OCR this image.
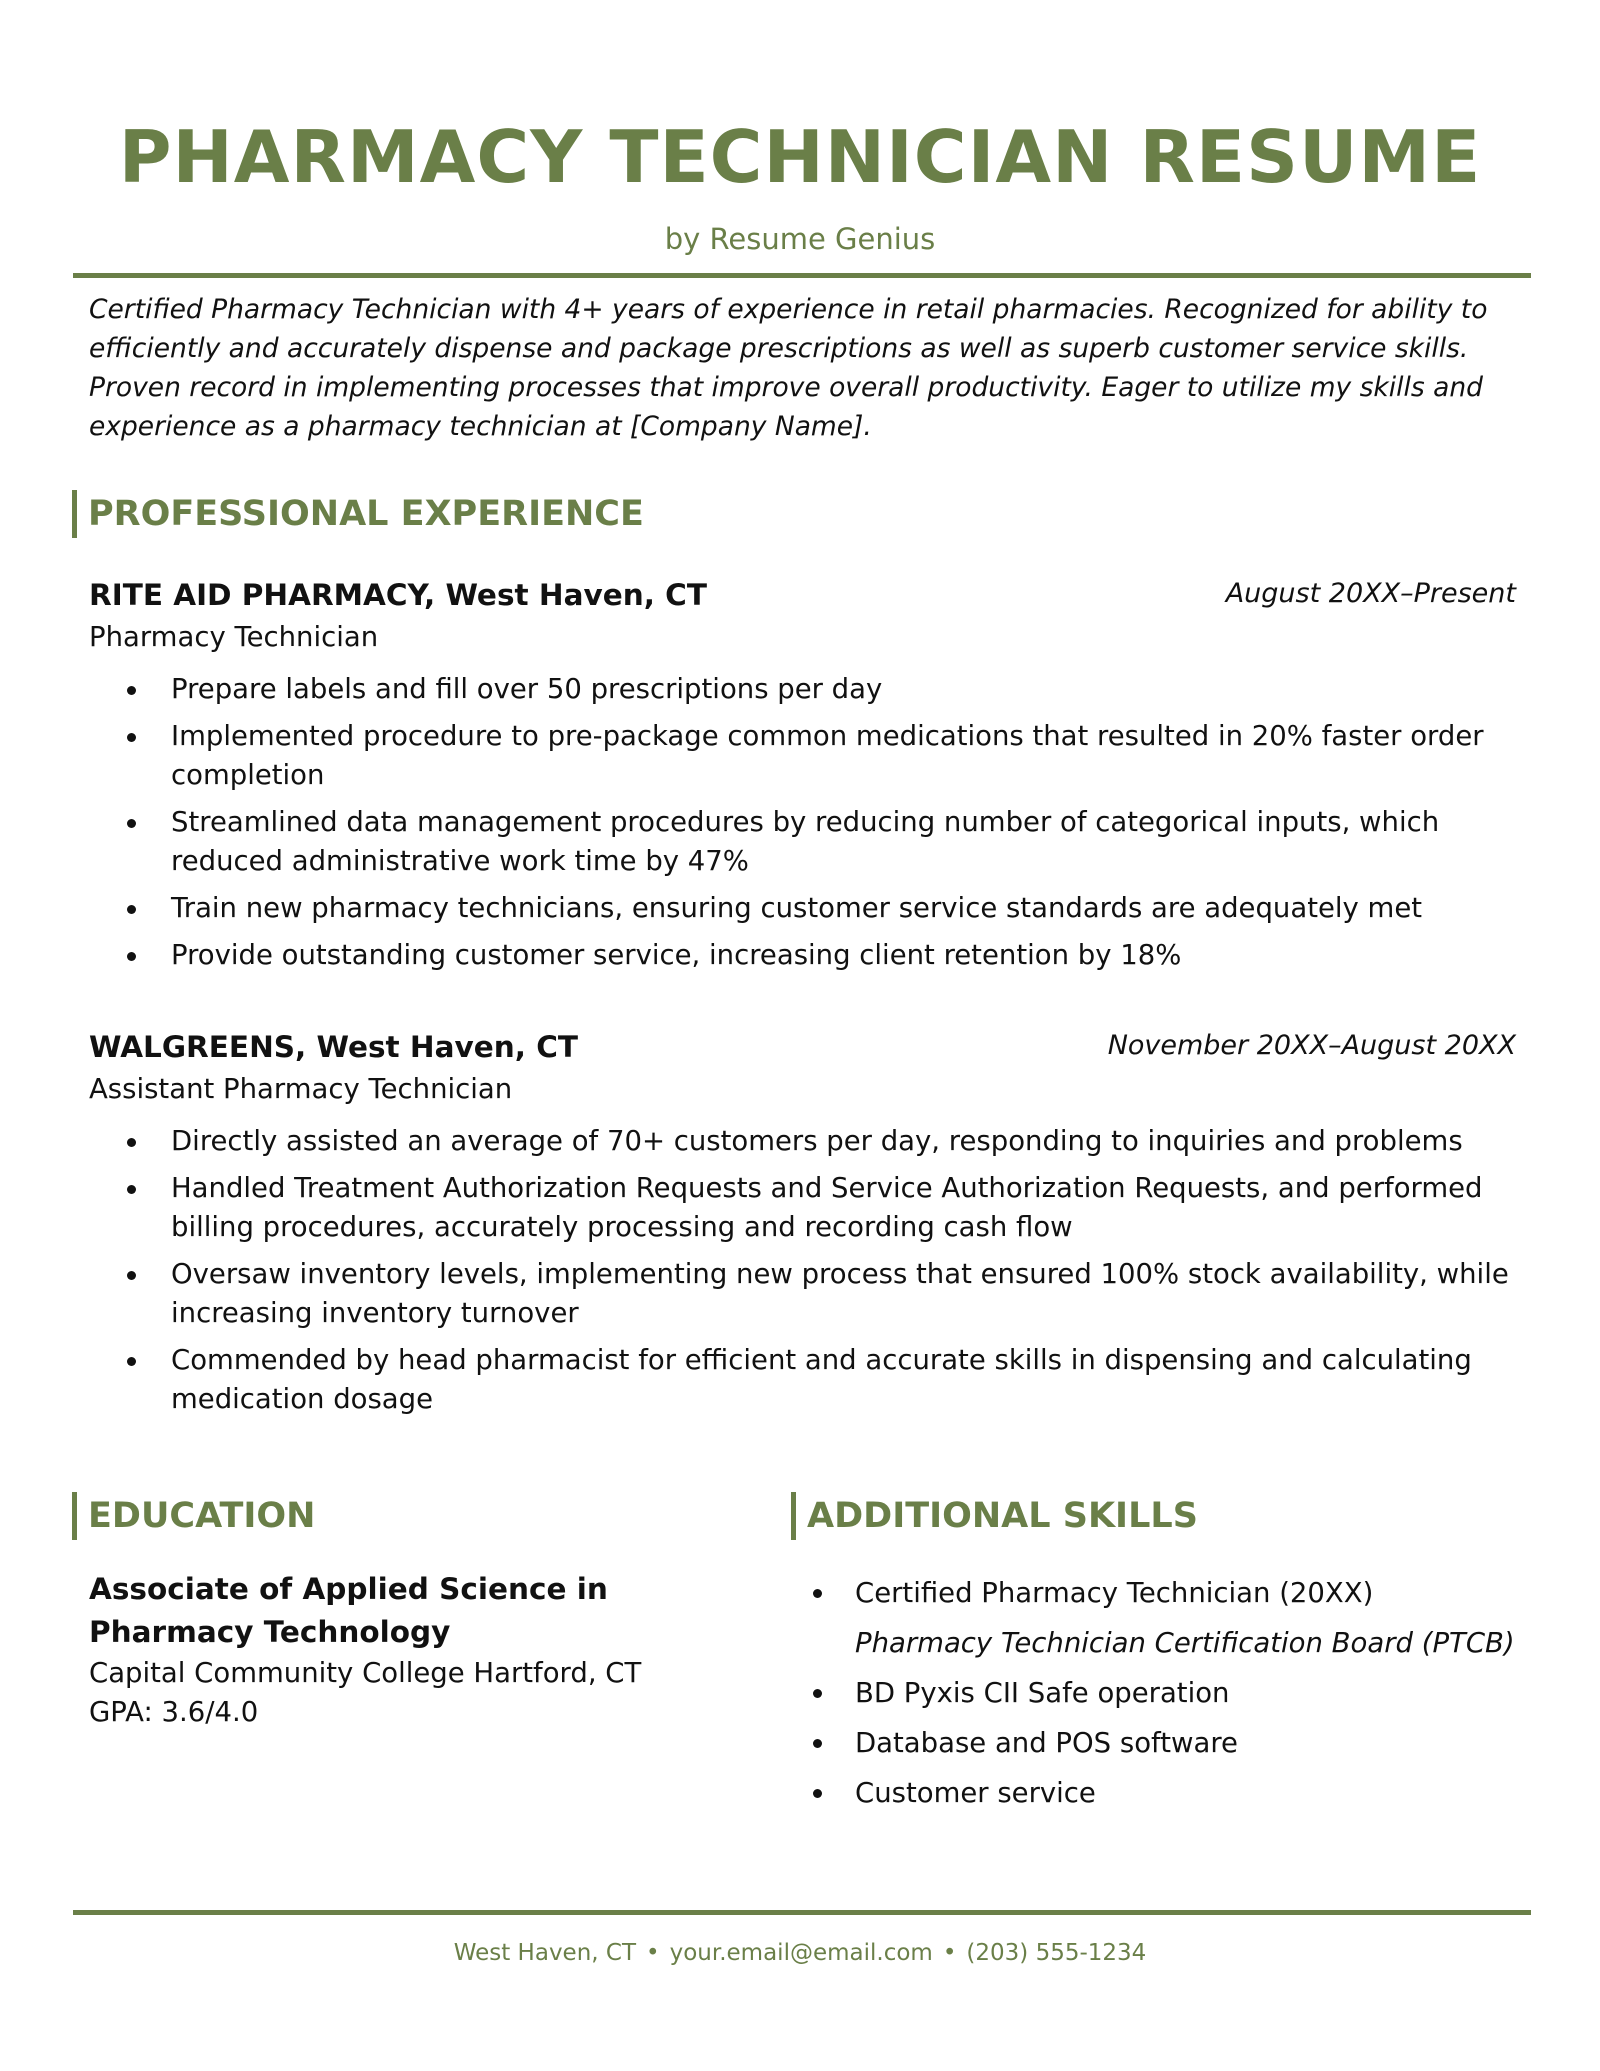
PHARMACY TECHNICIAN RESUME
by Resume Genius
Certified Pharmacy Technician with 4+ years of experience in retail pharmacies. Recognized for ability to efficiently and accurately dispense and package prescriptions as well as superb customer service skills. Proven record in implementing processes that improve overall productivity. Eager to utilize my skills and experience as a pharmacy technician at [Company Name].
PROFESSIONAL EXPERIENCE
RITE AID PHARMACY, West Haven, CT	August 20XX–Present
Pharmacy Technician
Prepare labels and fill over 50 prescriptions per day
Implemented procedure to pre-package common medications that resulted in 20% faster order completion
Streamlined data management procedures by reducing number of categorical inputs, which reduced administrative work time by 47%
Train new pharmacy technicians, ensuring customer service standards are adequately met
Provide outstanding customer service, increasing client retention by 18%
WALGREENS, West Haven, CT	November 20XX–August 20XX
Assistant Pharmacy Technician
Directly assisted an average of 70+ customers per day, responding to inquiries and problems
Handled Treatment Authorization Requests and Service Authorization Requests, and performed billing procedures, accurately processing and recording cash flow
Oversaw inventory levels, implementing new process that ensured 100% stock availability, while increasing inventory turnover
Commended by head pharmacist for efficient and accurate skills in dispensing and calculating medication dosage
EDUCATION
Associate of Applied Science in Pharmacy Technology
Capital Community College Hartford, CT
GPA: 3.6/4.0
ADDITIONAL SKILLS
Certified Pharmacy Technician (20XX)
Pharmacy Technician Certification Board (PTCB)
BD Pyxis CII Safe operation
Database and POS software
Customer service
West Haven, CT • your.email@email.com • (203) 555-1234
